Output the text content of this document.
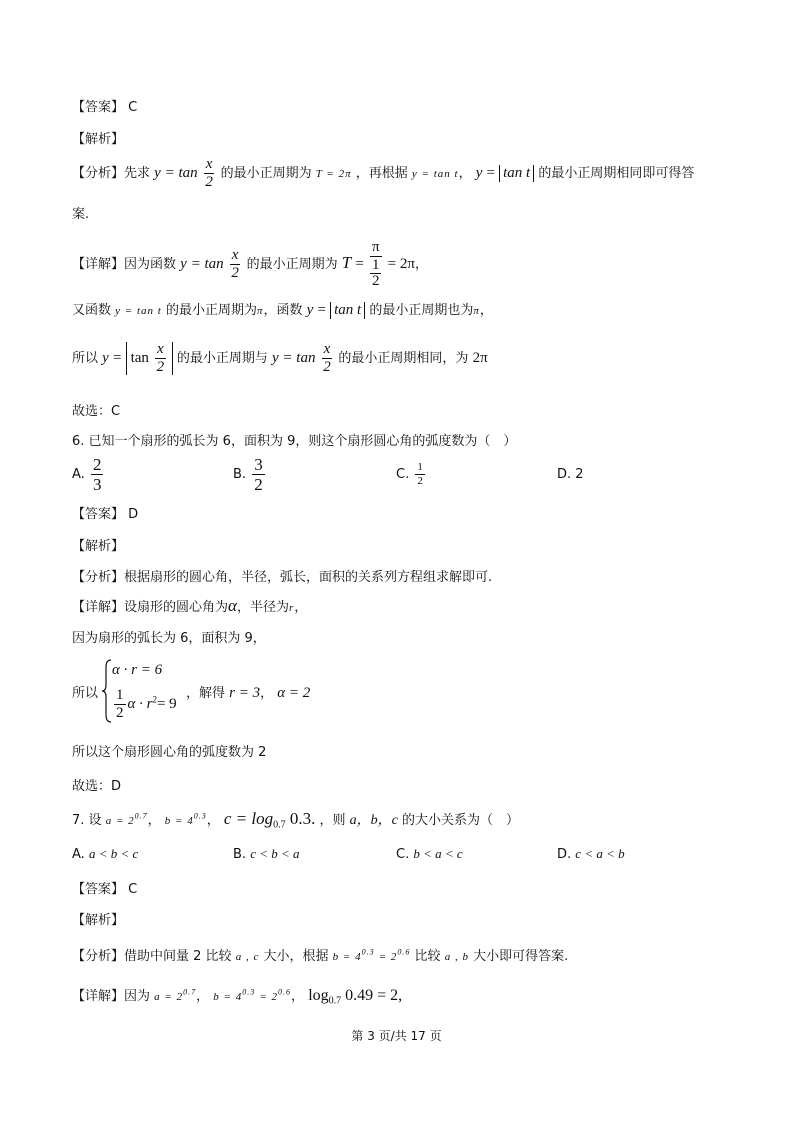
【答案】 C
【解析】
【分析】先求 $y = \tan \frac{x}{2}$ 的最小正周期为 T = 2π ，再根据 y = tan t， y = tan t 的最小正周期相同即可得答
案.
【详解】因为函数 $y = \tan \frac{x}{2}$ 的最小正周期为 $T = \frac{\pi}{\frac{1}{2}} = 2\pi$，
又函数 y = tan t 的最小正周期为π，函数 y = tan t 的最小正周期也为π，
所以 $y = \tan \frac{x}{2}$ 的最小正周期与 $y = \tan \frac{x}{2}$ 的最小正周期相同，为 2π
故选：C
6. 已知一个扇形的弧长为 6，面积为 9，则这个扇形圆心角的弧度数为（　）
A. $\frac{2}{3}$	B. $\frac{3}{2}$	C. $\frac{1}{2}$	D. 2
【答案】 D
【解析】
【分析】根据扇形的圆心角，半径，弧长，面积的关系列方程组求解即可.
【详解】设扇形的圆心角为α，半径为r，
因为扇形的弧长为 6，面积为 9，
所以
α · r = 6
$\frac{1}{2}$ $\alpha \cdot r^2= 9$
，解得 r = 3， α = 2
所以这个扇形圆心角的弧度数为 2
故选：D
7. 设 $a = 2^{0.7}$， $b = 4^{0.3}$， $c = \log_{0.7} 0.3$. ，则 a，b，c 的大小关系为（　）
A. a < b < c	B. c < b < a	C. b < a < c	D. c < a < b
【答案】 C
【解析】
【分析】借助中间量 2 比较 a , c 大小，根据 $b = 4^{0.3} = 2^{0.6}$ 比较 a , b 大小即可得答案.
【详解】因为 $a = 2^{0.7}$， $b = 4^{0.3} = 2^{0.6}$， $\log_{0.7} 0.49 = 2$,
第 3 页/共 17 页
